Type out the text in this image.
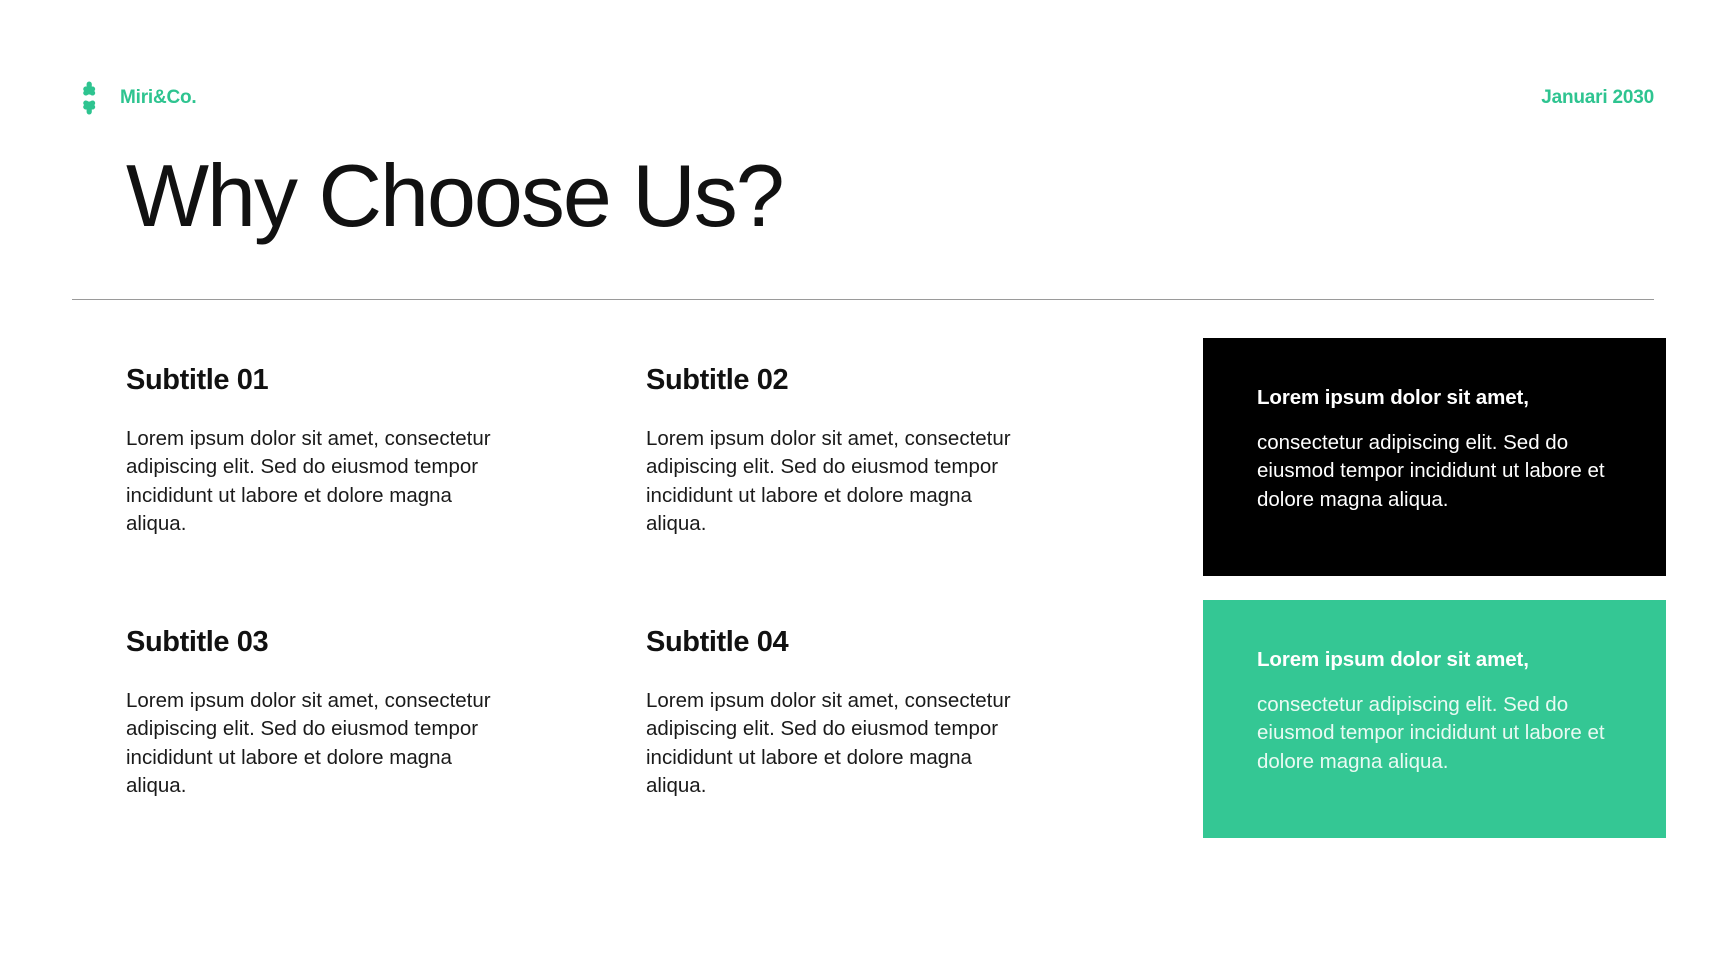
Miri&Co.	Januari 2030
Why Choose Us?
Subtitle 01
Lorem ipsum dolor sit amet, consectetur adipiscing elit. Sed do eiusmod tempor incididunt ut labore et dolore magna aliqua.
Subtitle 02
Lorem ipsum dolor sit amet, consectetur adipiscing elit. Sed do eiusmod tempor incididunt ut labore et dolore magna aliqua.
Subtitle 03
Lorem ipsum dolor sit amet, consectetur adipiscing elit. Sed do eiusmod tempor incididunt ut labore et dolore magna aliqua.
Subtitle 04
Lorem ipsum dolor sit amet, consectetur adipiscing elit. Sed do eiusmod tempor incididunt ut labore et dolore magna aliqua.
Lorem ipsum dolor sit amet,
consectetur adipiscing elit. Sed do eiusmod tempor incididunt ut labore et dolore magna aliqua.
Lorem ipsum dolor sit amet,
consectetur adipiscing elit. Sed do eiusmod tempor incididunt ut labore et dolore magna aliqua.
